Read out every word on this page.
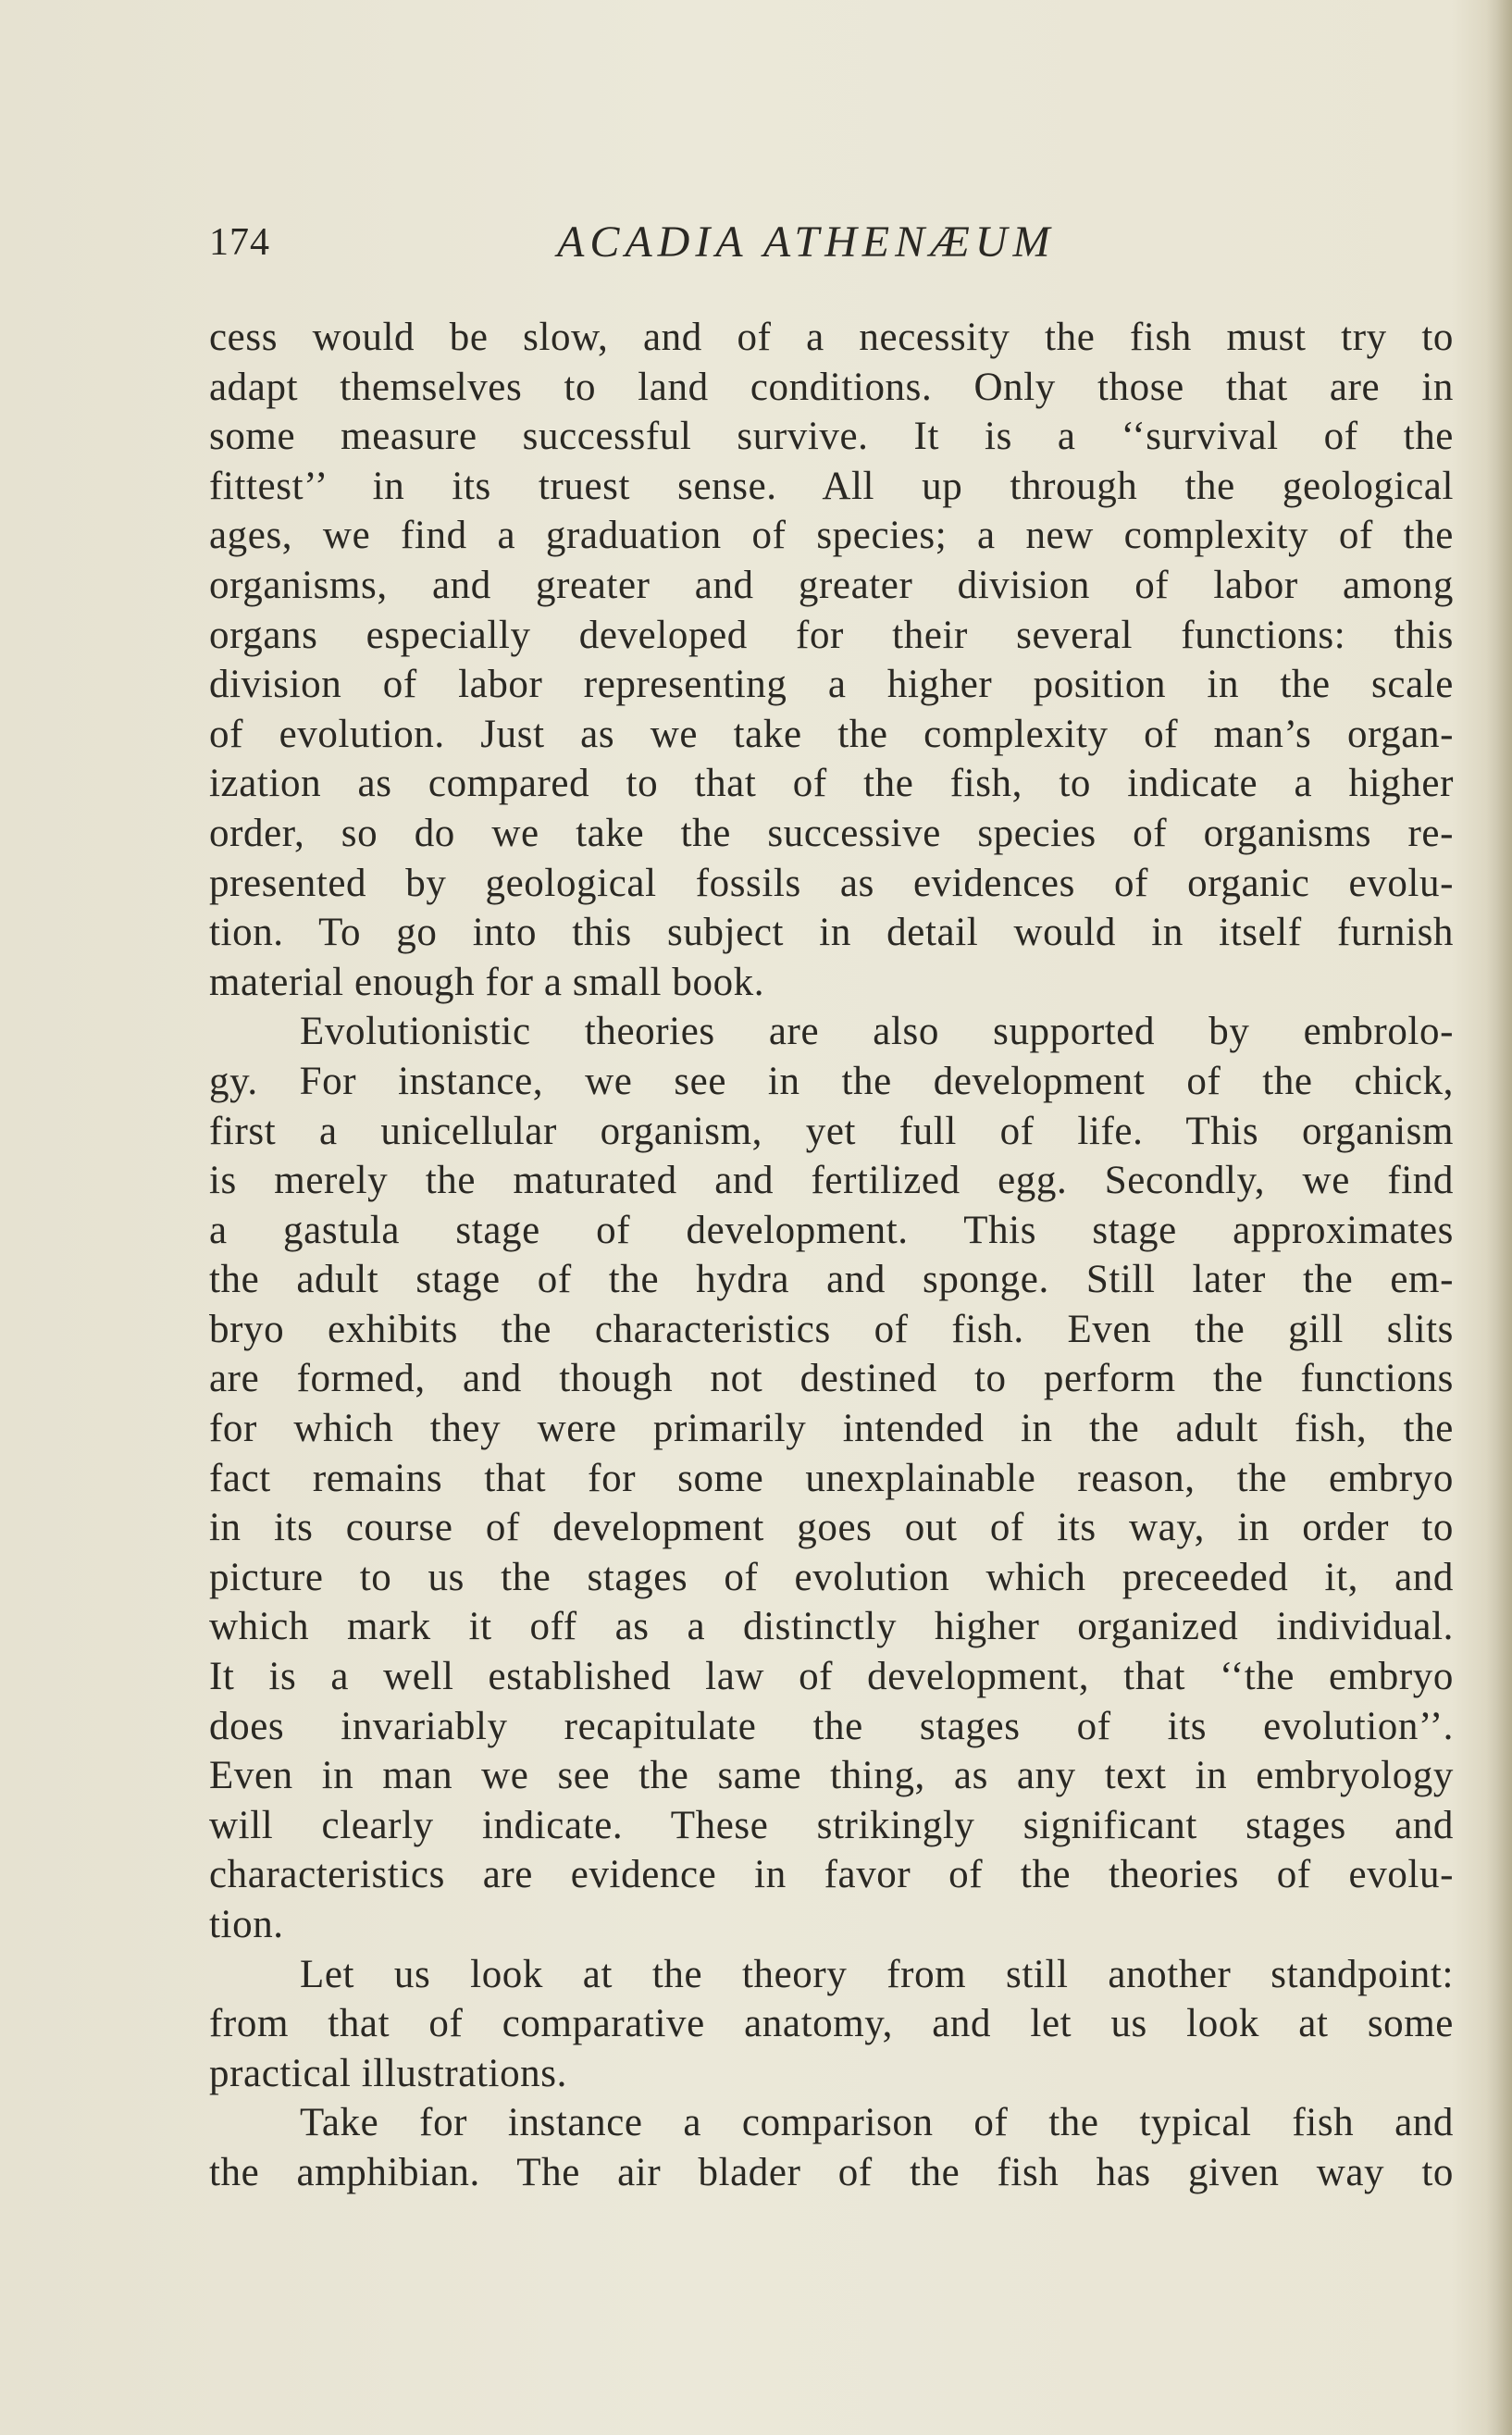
174	ACADIA ATHENÆUM
cess would be slow, and of a necessity the fish must try to
adapt themselves to land conditions. Only those that are in
some measure successful survive. It is a ‘‘survival of the
fittest’’ in its truest sense. All up through the geological
ages, we find a graduation of species; a new complexity of the
organisms, and greater and greater division of labor among
organs especially developed for their several functions: this
division of labor representing a higher position in the scale
of evolution. Just as we take the complexity of man’s organ-
ization as compared to that of the fish, to indicate a higher
order, so do we take the successive species of organisms re-
presented by geological fossils as evidences of organic evolu-
tion. To go into this subject in detail would in itself furnish
material enough for a small book.
Evolutionistic theories are also supported by embrolo-
gy. For instance, we see in the development of the chick,
first a unicellular organism, yet full of life. This organism
is merely the maturated and fertilized egg. Secondly, we find
a gastula stage of development. This stage approximates
the adult stage of the hydra and sponge. Still later the em-
bryo exhibits the characteristics of fish. Even the gill slits
are formed, and though not destined to perform the functions
for which they were primarily intended in the adult fish, the
fact remains that for some unexplainable reason, the embryo
in its course of development goes out of its way, in order to
picture to us the stages of evolution which preceeded it, and
which mark it off as a distinctly higher organized individual.
It is a well established law of development, that ‘‘the embryo
does invariably recapitulate the stages of its evolution’’.
Even in man we see the same thing, as any text in embryology
will clearly indicate. These strikingly significant stages and
characteristics are evidence in favor of the theories of evolu-
tion.
Let us look at the theory from still another standpoint:
from that of comparative anatomy, and let us look at some
practical illustrations.
Take for instance a comparison of the typical fish and
the amphibian. The air blader of the fish has given way to
